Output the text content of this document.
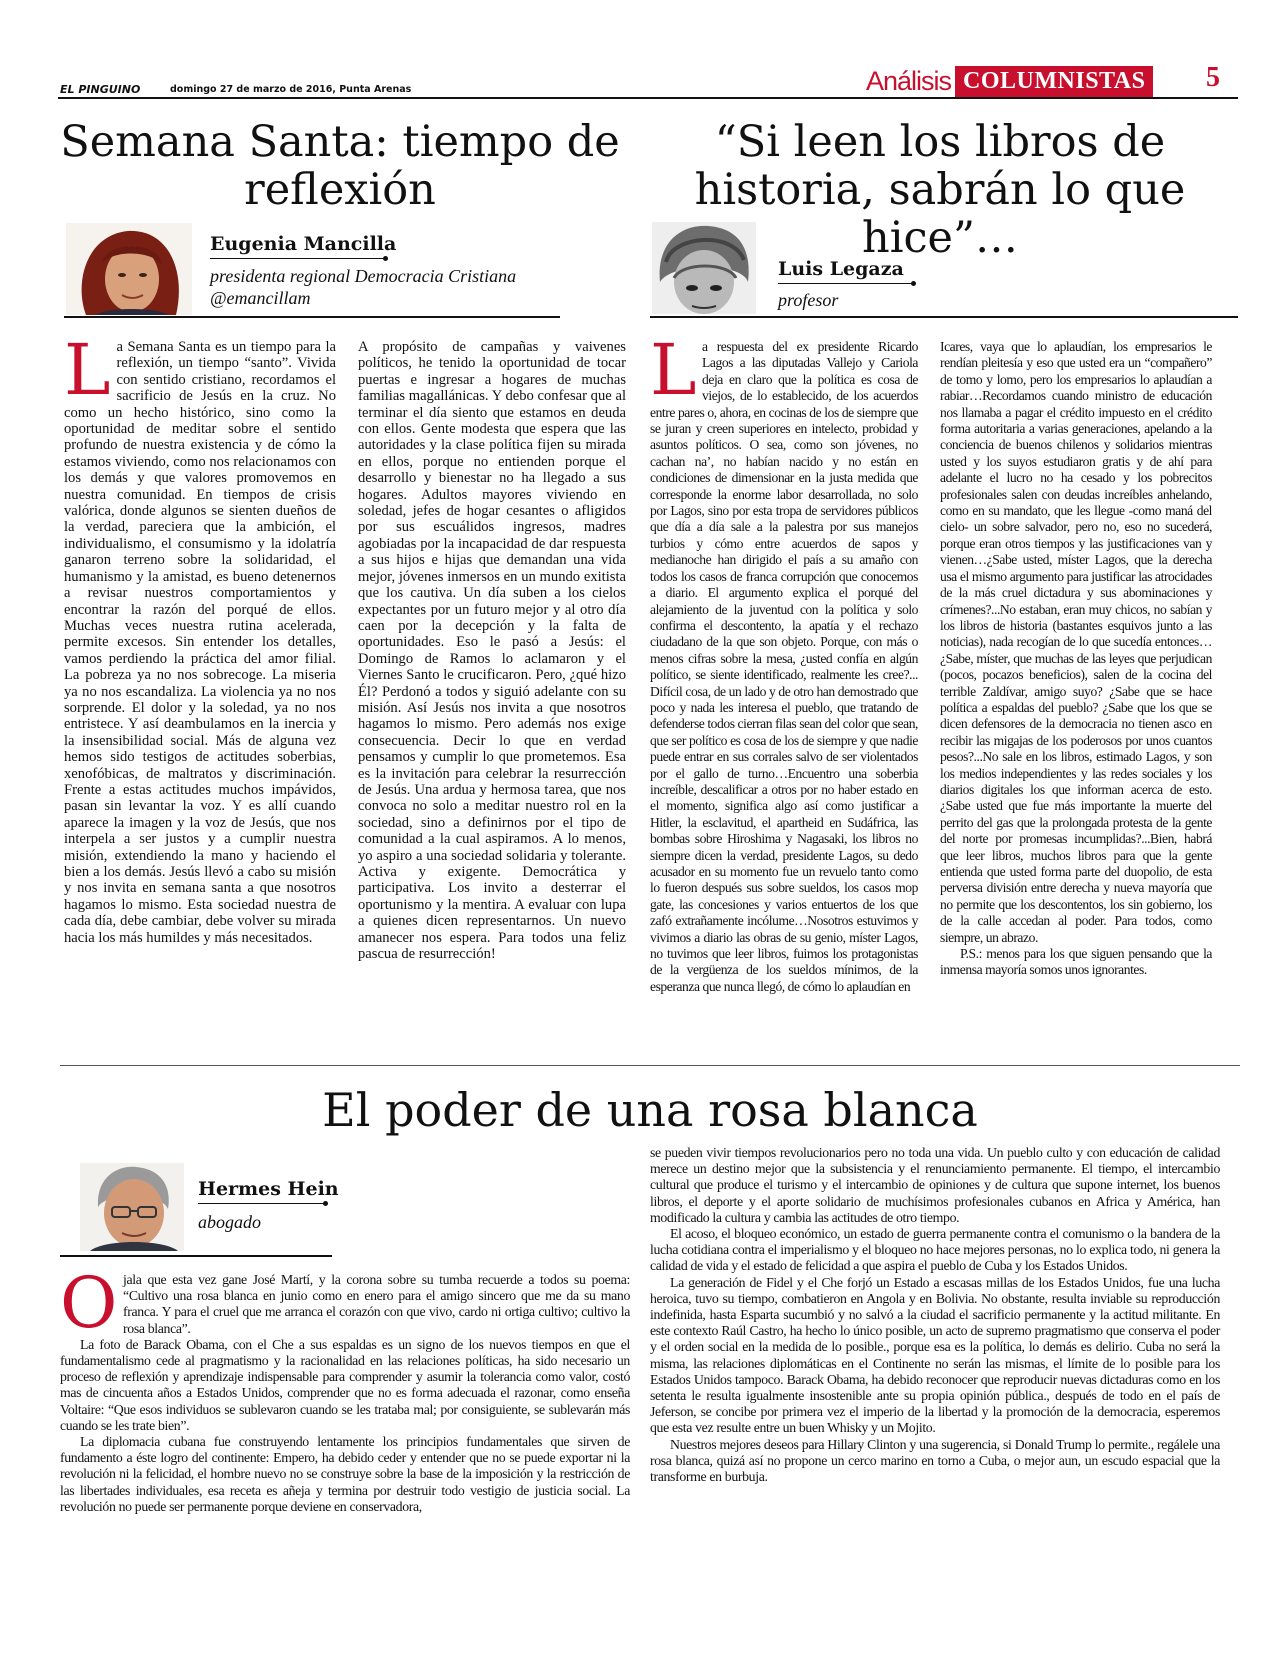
EL PINGUINO	domingo 27 de marzo de 2016, Punta Arenas	Análisis COLUMNISTAS 5
Semana Santa: tiempo de reflexión
Eugenia Mancilla
presidenta regional Democracia Cristiana
@emancillam

La Semana Santa es un tiempo para la reflexión, un tiempo “santo”. Vivida con sentido cristiano, recordamos el sacrificio de Jesús en la cruz. No como un hecho histórico, sino como la oportunidad de meditar sobre el sentido profundo de nuestra existencia y de cómo la estamos viviendo, como nos relacionamos con los demás y que valores promovemos en nuestra comunidad. En tiempos de crisis valórica, donde algunos se sienten dueños de la verdad, pareciera que la ambición, el individualismo, el consumismo y la idolatría ganaron terreno sobre la solidaridad, el humanismo y la amistad, es bueno detenernos a revisar nuestros comportamientos y encontrar la razón del porqué de ellos. Muchas veces nuestra rutina acelerada, permite excesos. Sin entender los detalles, vamos perdiendo la práctica del amor filial. La pobreza ya no nos sobrecoge. La miseria ya no nos escandaliza. La violencia ya no nos sorprende. El dolor y la soledad, ya no nos entristece. Y así deambulamos en la inercia y la insensibilidad social. Más de alguna vez hemos sido testigos de actitudes soberbias, xenofóbicas, de maltratos y discriminación. Frente a estas actitudes muchos impávidos, pasan sin levantar la voz. Y es allí cuando aparece la imagen y la voz de Jesús, que nos interpela a ser justos y a cumplir nuestra misión, extendiendo la mano y haciendo el bien a los demás. Jesús llevó a cabo su misión y nos invita en semana santa a que nosotros hagamos lo mismo. Esta sociedad nuestra de cada día, debe cambiar, debe volver su mirada hacia los más humildes y más necesitados.

A propósito de campañas y vaivenes políticos, he tenido la oportunidad de tocar puertas e ingresar a hogares de muchas familias magallánicas. Y debo confesar que al terminar el día siento que estamos en deuda con ellos. Gente modesta que espera que las autoridades y la clase política fijen su mirada en ellos, porque no entienden porque el desarrollo y bienestar no ha llegado a sus hogares. Adultos mayores viviendo en soledad, jefes de hogar cesantes o afligidos por sus escuálidos ingresos, madres agobiadas por la incapacidad de dar respuesta a sus hijos e hijas que demandan una vida mejor, jóvenes inmersos en un mundo exitista que los cautiva. Un día suben a los cielos expectantes por un futuro mejor y al otro día caen por la decepción y la falta de oportunidades. Eso le pasó a Jesús: el Domingo de Ramos lo aclamaron y el Viernes Santo le crucificaron. Pero, ¿qué hizo Él? Perdonó a todos y siguió adelante con su misión. Así Jesús nos invita a que nosotros hagamos lo mismo. Pero además nos exige consecuencia. Decir lo que en verdad pensamos y cumplir lo que prometemos. Esa es la invitación para celebrar la resurrección de Jesús. Una ardua y hermosa tarea, que nos convoca no solo a meditar nuestro rol en la sociedad, sino a definirnos por el tipo de comunidad a la cual aspiramos. A lo menos, yo aspiro a una sociedad solidaria y tolerante. Activa y exigente. Democrática y participativa. Los invito a desterrar el oportunismo y la mentira. A evaluar con lupa a quienes dicen representarnos. Un nuevo amanecer nos espera. Para todos una feliz pascua de resurrección!

“Si leen los libros de historia, sabrán lo que hice”…
Luis Legaza
profesor

La respuesta del ex presidente Ricardo Lagos a las diputadas Vallejo y Cariola deja en claro que la política es cosa de viejos, de lo establecido, de los acuerdos entre pares o, ahora, en cocinas de los de siempre que se juran y creen superiores en intelecto, probidad y asuntos políticos. O sea, como son jóvenes, no cachan na’, no habían nacido y no están en condiciones de dimensionar en la justa medida que corresponde la enorme labor desarrollada, no solo por Lagos, sino por esta tropa de servidores públicos que día a día sale a la palestra por sus manejos turbios y cómo entre acuerdos de sapos y medianoche han dirigido el país a su amaño con todos los casos de franca corrupción que conocemos a diario. El argumento explica el porqué del alejamiento de la juventud con la política y solo confirma el descontento, la apatía y el rechazo ciudadano de la que son objeto. Porque, con más o menos cifras sobre la mesa, ¿usted confía en algún político, se siente identificado, realmente les cree?... Difícil cosa, de un lado y de otro han demostrado que poco y nada les interesa el pueblo, que tratando de defenderse todos cierran filas sean del color que sean, que ser político es cosa de los de siempre y que nadie puede entrar en sus corrales salvo de ser violentados por el gallo de turno…Encuentro una soberbia increíble, descalificar a otros por no haber estado en el momento, significa algo así como justificar a Hitler, la esclavitud, el apartheid en Sudáfrica, las bombas sobre Hiroshima y Nagasaki, los libros no siempre dicen la verdad, presidente Lagos, su dedo acusador en su momento fue un revuelo tanto como lo fueron después sus sobre sueldos, los casos mop gate, las concesiones y varios entuertos de los que zafó extrañamente incólume…Nosotros estuvimos y vivimos a diario las obras de su genio, míster Lagos, no tuvimos que leer libros, fuimos los protagonistas de la vergüenza de los sueldos mínimos, de la esperanza que nunca llegó, de cómo lo aplaudían en

Icares, vaya que lo aplaudían, los empresarios le rendían pleitesía y eso que usted era un “compañero” de tomo y lomo, pero los empresarios lo aplaudían a rabiar…Recordamos cuando ministro de educación nos llamaba a pagar el crédito impuesto en el crédito forma autoritaria a varias generaciones, apelando a la conciencia de buenos chilenos y solidarios mientras usted y los suyos estudiaron gratis y de ahí para adelante el lucro no ha cesado y los pobrecitos profesionales salen con deudas increíbles anhelando, como en su mandato, que les llegue -como maná del cielo- un sobre salvador, pero no, eso no sucederá, porque eran otros tiempos y las justificaciones van y vienen…¿Sabe usted, míster Lagos, que la derecha usa el mismo argumento para justificar las atrocidades de la más cruel dictadura y sus abominaciones y crímenes?...No estaban, eran muy chicos, no sabían y los libros de historia (bastantes esquivos junto a las noticias), nada recogían de lo que sucedía entonces…¿Sabe, míster, que muchas de las leyes que perjudican (pocos, pocazos beneficios), salen de la cocina del terrible Zaldívar, amigo suyo? ¿Sabe que se hace política a espaldas del pueblo? ¿Sabe que los que se dicen defensores de la democracia no tienen asco en recibir las migajas de los poderosos por unos cuantos pesos?...No sale en los libros, estimado Lagos, y son los medios independientes y las redes sociales y los diarios digitales los que informan acerca de esto. ¿Sabe usted que fue más importante la muerte del perrito del gas que la prolongada protesta de la gente del norte por promesas incumplidas?...Bien, habrá que leer libros, muchos libros para que la gente entienda que usted forma parte del duopolio, de esta perversa división entre derecha y nueva mayoría que no permite que los descontentos, los sin gobierno, los de la calle accedan al poder. Para todos, como siempre, un abrazo.

P.S.: menos para los que siguen pensando que la inmensa mayoría somos unos ignorantes.

El poder de una rosa blanca
Hermes Hein
abogado

Ojala que esta vez gane José Martí, y la corona sobre su tumba recuerde a todos su poema: “Cultivo una rosa blanca en junio como en enero para el amigo sincero que me da su mano franca. Y para el cruel que me arranca el corazón con que vivo, cardo ni ortiga cultivo; cultivo la rosa blanca”.

La foto de Barack Obama, con el Che a sus espaldas es un signo de los nuevos tiempos en que el fundamentalismo cede al pragmatismo y la racionalidad en las relaciones políticas, ha sido necesario un proceso de reflexión y aprendizaje indispensable para comprender y asumir la tolerancia como valor, costó mas de cincuenta años a Estados Unidos, comprender que no es forma adecuada el razonar, como enseña Voltaire: “Que esos individuos se sublevaron cuando se les trataba mal; por consiguiente, se sublevarán más cuando se les trate bien”.

La diplomacia cubana fue construyendo lentamente los principios fundamentales que sirven de fundamento a éste logro del continente: Empero, ha debido ceder y entender que no se puede exportar ni la revolución ni la felicidad, el hombre nuevo no se construye sobre la base de la imposición y la restricción de las libertades individuales, esa receta es añeja y termina por destruir todo vestigio de justicia social. La revolución no puede ser permanente porque deviene en conservadora,

se pueden vivir tiempos revolucionarios pero no toda una vida. Un pueblo culto y con educación de calidad merece un destino mejor que la subsistencia y el renunciamiento permanente. El tiempo, el intercambio cultural que produce el turismo y el intercambio de opiniones y de cultura que supone internet, los buenos libros, el deporte y el aporte solidario de muchísimos profesionales cubanos en Africa y América, han modificado la cultura y cambia las actitudes de otro tiempo.

El acoso, el bloqueo económico, un estado de guerra permanente contra el comunismo o la bandera de la lucha cotidiana contra el imperialismo y el bloqueo no hace mejores personas, no lo explica todo, ni genera la calidad de vida y el estado de felicidad a que aspira el pueblo de Cuba y los Estados Unidos.

La generación de Fidel y el Che forjó un Estado a escasas millas de los Estados Unidos, fue una lucha heroica, tuvo su tiempo, combatieron en Angola y en Bolivia. No obstante, resulta inviable su reproducción indefinida, hasta Esparta sucumbió y no salvó a la ciudad el sacrificio permanente y la actitud militante. En este contexto Raúl Castro, ha hecho lo único posible, un acto de supremo pragmatismo que conserva el poder y el orden social en la medida de lo posible., porque esa es la política, lo demás es delirio. Cuba no será la misma, las relaciones diplomáticas en el Continente no serán las mismas, el límite de lo posible para los Estados Unidos tampoco. Barack Obama, ha debido reconocer que reproducir nuevas dictaduras como en los setenta le resulta igualmente insostenible ante su propia opinión pública., después de todo en el país de Jeferson, se concibe por primera vez el imperio de la libertad y la promoción de la democracia, esperemos que esta vez resulte entre un buen Whisky y un Mojito.

Nuestros mejores deseos para Hillary Clinton y una sugerencia, si Donald Trump lo permite., regálele una rosa blanca, quizá así no propone un cerco marino en torno a Cuba, o mejor aun, un escudo espacial que la transforme en burbuja.
